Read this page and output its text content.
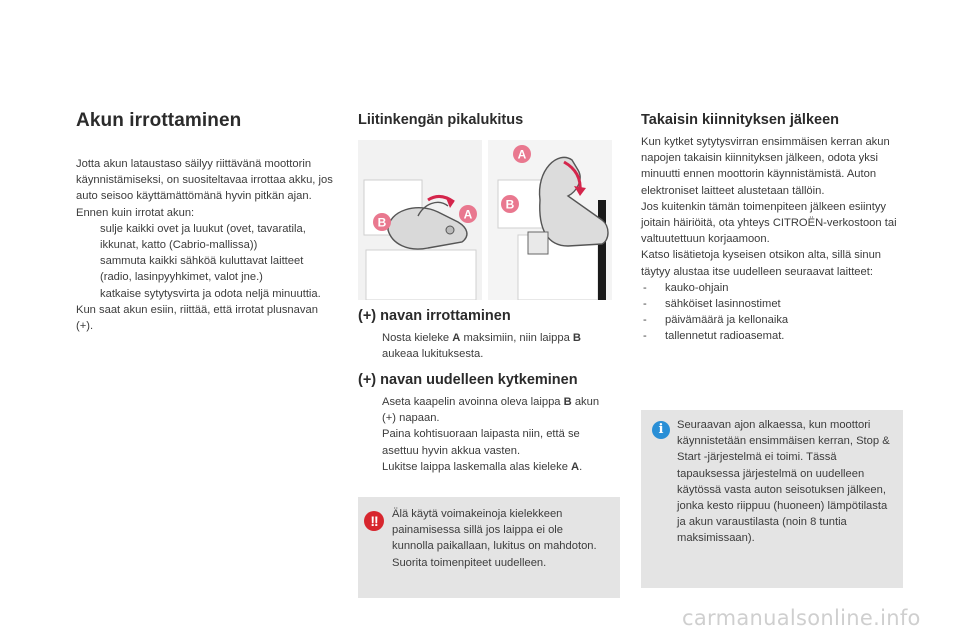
Akun irrottaminen

Jotta akun lataustaso säilyy riittävänä moottorin käynnistämiseksi, on suositeltavaa irrottaa akku, jos auto seisoo käyttämättömänä hyvin pitkän ajan.

Ennen kuin irrotat akun:

sulje kaikki ovet ja luukut (ovet, tavaratila, ikkunat, katto (Cabrio-mallissa))
sammuta kaikki sähköä kuluttavat laitteet (radio, lasinpyyhkimet, valot jne.)
katkaise sytytysvirta ja odota neljä minuuttia.

Kun saat akun esiin, riittää, että irrotat plusnavan (+).

Liitinkengän pikalukitus
B
A
A
B
(+) navan irrottaminen
Nosta kieleke A maksimiin, niin laippa B aukeaa lukituksesta.
(+) navan uudelleen kytkeminen
Aseta kaapelin avoinna oleva laippa B akun (+) napaan.
Paina kohtisuoraan laipasta niin, että se asettuu hyvin akkua vasten.
Lukitse laippa laskemalla alas kieleke A.
!!	Älä käytä voimakeinoja kielekkeen painamisessa sillä jos laippa ei ole kunnolla paikallaan, lukitus on mahdoton. Suorita toimenpiteet uudelleen.
Takaisin kiinnityksen jälkeen

Kun kytket sytytysvirran ensimmäisen kerran akun napojen takaisin kiinnityksen jälkeen, odota yksi minuutti ennen moottorin käynnistämistä. Auton elektroniset laitteet alustetaan tällöin.

Jos kuitenkin tämän toimenpiteen jälkeen esiintyy joitain häiriöitä, ota yhteys CITROËN-verkostoon tai valtuutettuun korjaamoon.

Katso lisätietoja kyseisen otsikon alta, sillä sinun täytyy alustaa itse uudelleen seuraavat laitteet:

- kauko-ohjain
- sähköiset lasinnostimet
- päivämäärä ja kellonaika
- tallennetut radioasemat.
i	Seuraavan ajon alkaessa, kun moottori käynnistetään ensimmäisen kerran, Stop & Start -järjestelmä ei toimi. Tässä tapauksessa järjestelmä on uudelleen käytössä vasta auton seisotuksen jälkeen, jonka kesto riippuu (huoneen) lämpötilasta ja akun varaustilasta (noin 8 tuntia maksimissaan).
carmanualsonline.info
